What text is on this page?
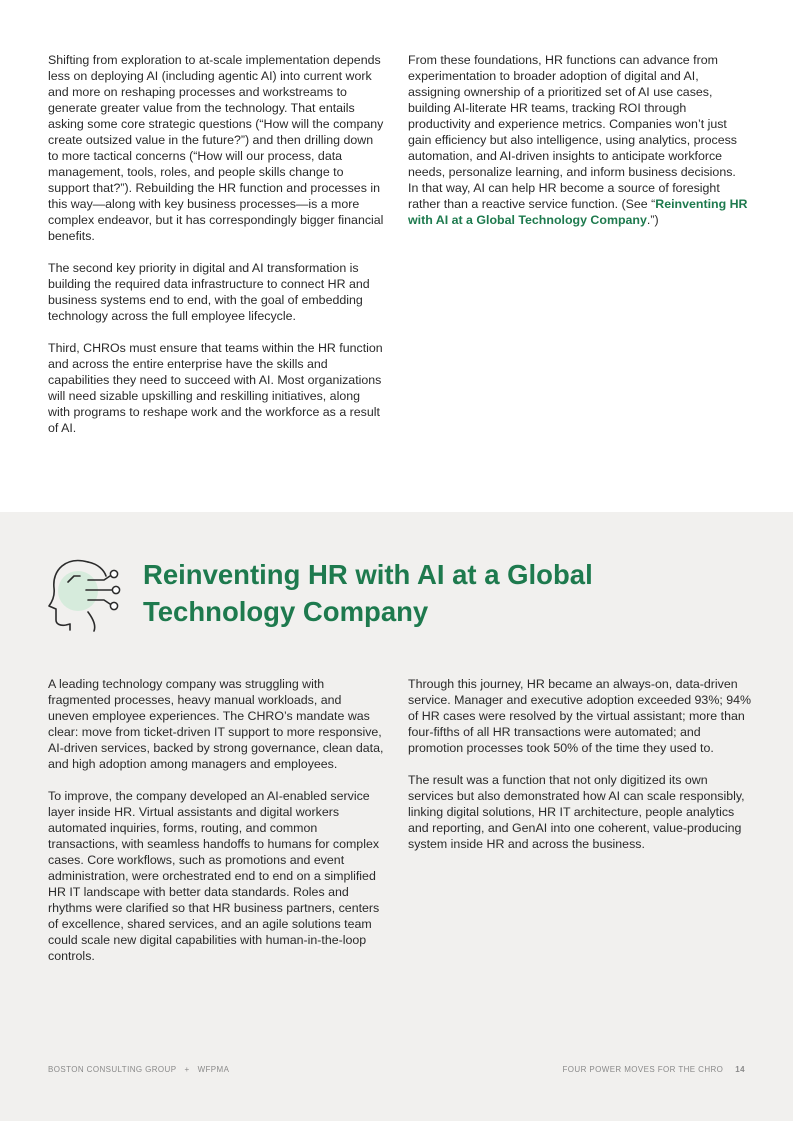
Shifting from exploration to at-scale implementation depends less on deploying AI (including agentic AI) into current work and more on reshaping processes and workstreams to generate greater value from the technology. That entails asking some core strategic questions (“How will the company create outsized value in the future?”) and then drilling down to more tactical concerns (“How will our process, data management, tools, roles, and people skills change to support that?”). Rebuilding the HR function and processes in this way—along with key business processes—is a more complex endeavor, but it has correspondingly bigger financial benefits.

The second key priority in digital and AI transformation is building the required data infrastructure to connect HR and business systems end to end, with the goal of embedding technology across the full employee lifecycle.

Third, CHROs must ensure that teams within the HR function and across the entire enterprise have the skills and capabilities they need to succeed with AI. Most organizations will need sizable upskilling and reskilling initiatives, along with programs to reshape work and the workforce as a result of AI.

From these foundations, HR functions can advance from experimentation to broader adoption of digital and AI, assigning ownership of a prioritized set of AI use cases, building AI-literate HR teams, tracking ROI through productivity and experience metrics. Companies won’t just gain efficiency but also intelligence, using analytics, process automation, and AI-driven insights to anticipate workforce needs, personalize learning, and inform business decisions. In that way, AI can help HR become a source of foresight rather than a reactive service function. (See “Reinventing HR with AI at a Global Technology Company.”)

Reinventing HR with AI at a Global Technology Company

A leading technology company was struggling with fragmented processes, heavy manual workloads, and uneven employee experiences. The CHRO’s mandate was clear: move from ticket-driven IT support to more responsive, AI-driven services, backed by strong governance, clean data, and high adoption among managers and employees.

To improve, the company developed an AI-enabled service layer inside HR. Virtual assistants and digital workers automated inquiries, forms, routing, and common transactions, with seamless handoffs to humans for complex cases. Core workflows, such as promotions and event administration, were orchestrated end to end on a simplified HR IT landscape with better data standards. Roles and rhythms were clarified so that HR business partners, centers of excellence, shared services, and an agile solutions team could scale new digital capabilities with human-in-the-loop controls.

Through this journey, HR became an always-on, data-driven service. Manager and executive adoption exceeded 93%; 94% of HR cases were resolved by the virtual assistant; more than four-fifths of all HR transactions were automated; and promotion processes took 50% of the time they used to.

The result was a function that not only digitized its own services but also demonstrated how AI can scale responsibly, linking digital solutions, HR IT architecture, people analytics and reporting, and GenAI into one coherent, value-producing system inside HR and across the business.

BOSTON CONSULTING GROUP + WFPMA	FOUR POWER MOVES FOR THE CHRO 14
